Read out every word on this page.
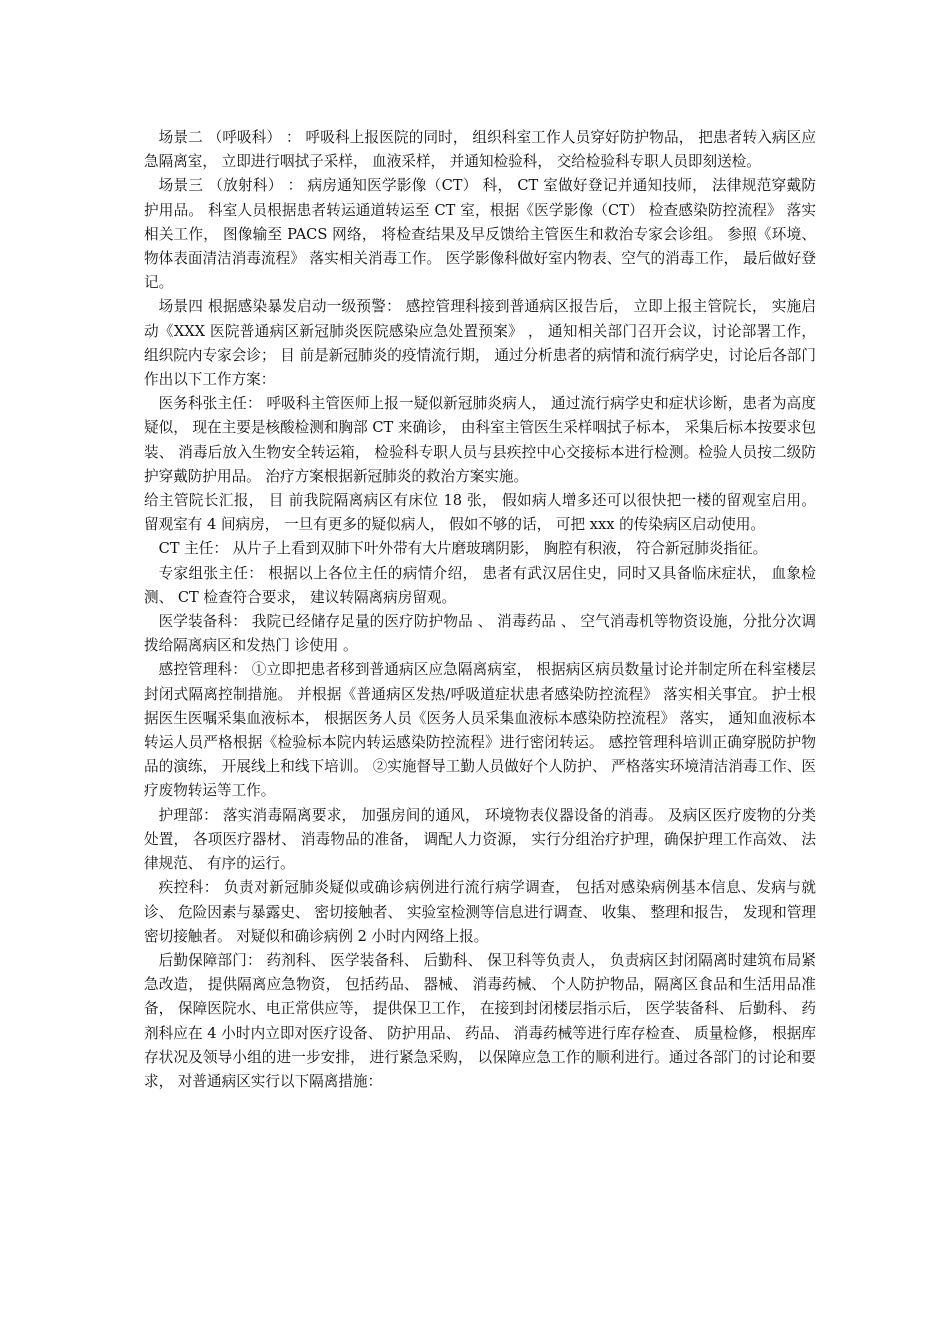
场景二 （呼吸科） ： 呼吸科上报医院的同时， 组织科室工作人员穿好防护物品， 把患者转入病区应急隔离室， 立即进行咽拭子采样， 血液采样， 并通知检验科， 交给检验科专职人员即刻送检。

场景三 （放射科） ： 病房通知医学影像（CT） 科， CT 室做好登记并通知技师， 法律规范穿戴防护用品。 科室人员根据患者转运通道转运至 CT 室，根据《医学影像（CT） 检查感染防控流程》 落实相关工作， 图像输至 PACS 网络， 将检查结果及早反馈给主管医生和救治专家会诊组。 参照《环境、物体表面清洁消毒流程》 落实相关消毒工作。 医学影像科做好室内物表、空气的消毒工作， 最后做好登记。

场景四 根据感染暴发启动一级预警： 感控管理科接到普通病区报告后， 立即上报主管院长， 实施启动《XXX 医院普通病区新冠肺炎医院感染应急处置预案》 ， 通知相关部门召开会议，讨论部署工作， 组织院内专家会诊； 目 前是新冠肺炎的疫情流行期， 通过分析患者的病情和流行病学史，讨论后各部门作出以下工作方案：

医务科张主任： 呼吸科主管医师上报一疑似新冠肺炎病人， 通过流行病学史和症状诊断，患者为高度疑似， 现在主要是核酸检测和胸部 CT 来确诊， 由科室主管医生采样咽拭子标本， 采集后标本按要求包装、 消毒后放入生物安全转运箱， 检验科专职人员与县疾控中心交接标本进行检测。检验人员按二级防护穿戴防护用品。 治疗方案根据新冠肺炎的救治方案实施。

给主管院长汇报， 目 前我院隔离病区有床位 18 张， 假如病人增多还可以很快把一楼的留观室启用。 留观室有 4 间病房， 一旦有更多的疑似病人， 假如不够的话， 可把 xxx 的传染病区启动使用。

CT 主任： 从片子上看到双肺下叶外带有大片磨玻璃阴影， 胸腔有积液， 符合新冠肺炎指征。

专家组张主任： 根据以上各位主任的病情介绍， 患者有武汉居住史，同时又具备临床症状， 血象检测、 CT 检查符合要求， 建议转隔离病房留观。

医学装备科： 我院已经储存足量的医疗防护物品 、 消毒药品 、 空气消毒机等物资设施，分批分次调拨给隔离病区和发热门 诊使用 。

感控管理科： ①立即把患者移到普通病区应急隔离病室， 根据病区病员数量讨论并制定所在科室楼层封闭式隔离控制措施。 并根据《普通病区发热/呼吸道症状患者感染防控流程》 落实相关事宜。 护士根据医生医嘱采集血液标本， 根据医务人员《医务人员采集血液标本感染防控流程》 落实， 通知血液标本转运人员严格根据《检验标本院内转运感染防控流程》进行密闭转运。 感控管理科培训正确穿脱防护物品的演练， 开展线上和线下培训。 ②实施督导工勤人员做好个人防护、 严格落实环境清洁消毒工作、医疗废物转运等工作。

护理部： 落实消毒隔离要求， 加强房间的通风， 环境物表仪器设备的消毒。 及病区医疗废物的分类处置， 各项医疗器材、 消毒物品的准备， 调配人力资源， 实行分组治疗护理，确保护理工作高效、 法律规范、 有序的运行。

疾控科： 负责对新冠肺炎疑似或确诊病例进行流行病学调查， 包括对感染病例基本信息、发病与就诊、 危险因素与暴露史、 密切接触者、 实验室检测等信息进行调查、 收集、 整理和报告， 发现和管理密切接触者。 对疑似和确诊病例 2 小时内网络上报。

后勤保障部门： 药剂科、 医学装备科、 后勤科、 保卫科等负责人， 负责病区封闭隔离时建筑布局紧急改造， 提供隔离应急物资， 包括药品、 器械、 消毒药械、 个人防护物品，隔离区食品和生活用品准备， 保障医院水、电正常供应等， 提供保卫工作， 在接到封闭楼层指示后， 医学装备科、 后勤科、 药剂科应在 4 小时内立即对医疗设备、 防护用品、 药品、 消毒药械等进行库存检查、 质量检修， 根据库存状况及领导小组的进一步安排， 进行紧急采购， 以保障应急工作的顺利进行。通过各部门的讨论和要求， 对普通病区实行以下隔离措施：
